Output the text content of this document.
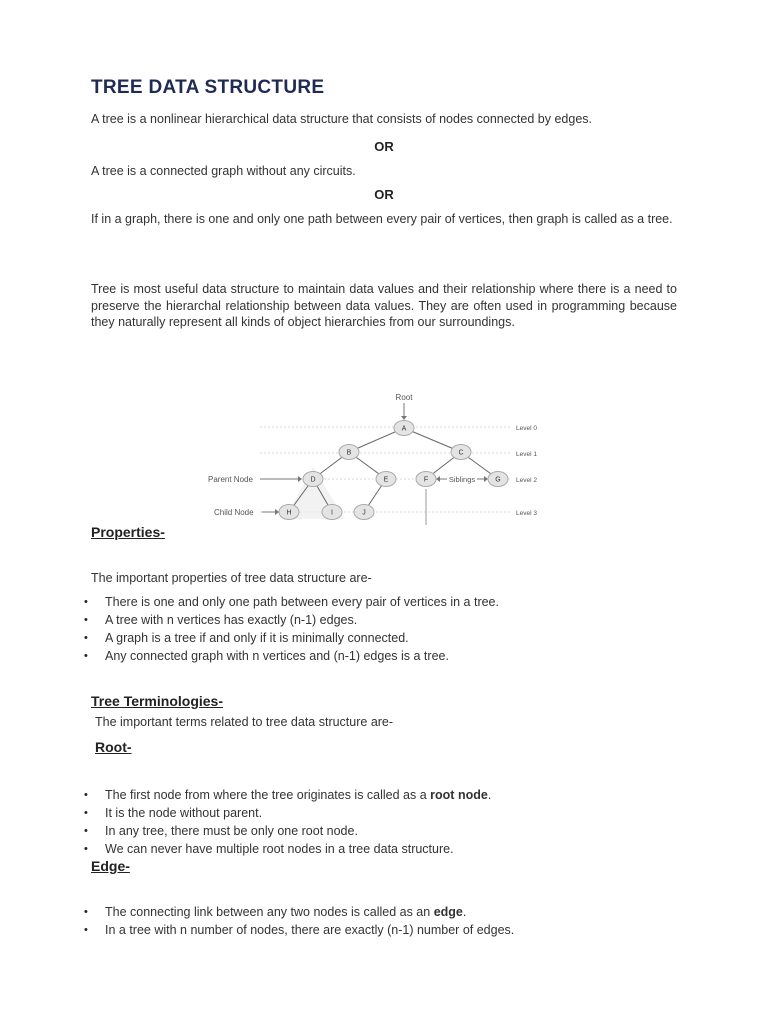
TREE DATA STRUCTURE
A tree is a nonlinear hierarchical data structure that consists of nodes connected by edges.
OR
A tree is a connected graph without any circuits.
OR
If in a graph, there is one and only one path between every pair of vertices, then graph is called as a tree.
Tree is most useful data structure to maintain data values and their relationship where there is a need to preserve the hierarchal relationship between data values. They are often used in programming because they naturally represent all kinds of object hierarchies from our surroundings.
Root
Parent Node
Child Node
Siblings
A
B	C
D	E	F	G
H	I	J
Level 0
Level 1
Level 2
Level 3
Properties-
The important properties of tree data structure are-
• There is one and only one path between every pair of vertices in a tree.
• A tree with n vertices has exactly (n-1) edges.
• A graph is a tree if and only if it is minimally connected.
• Any connected graph with n vertices and (n-1) edges is a tree.
Tree Terminologies-
The important terms related to tree data structure are-
Root-
• The first node from where the tree originates is called as a root node.
• It is the node without parent.
• In any tree, there must be only one root node.
• We can never have multiple root nodes in a tree data structure.
Edge-
• The connecting link between any two nodes is called as an edge.
• In a tree with n number of nodes, there are exactly (n-1) number of edges.
